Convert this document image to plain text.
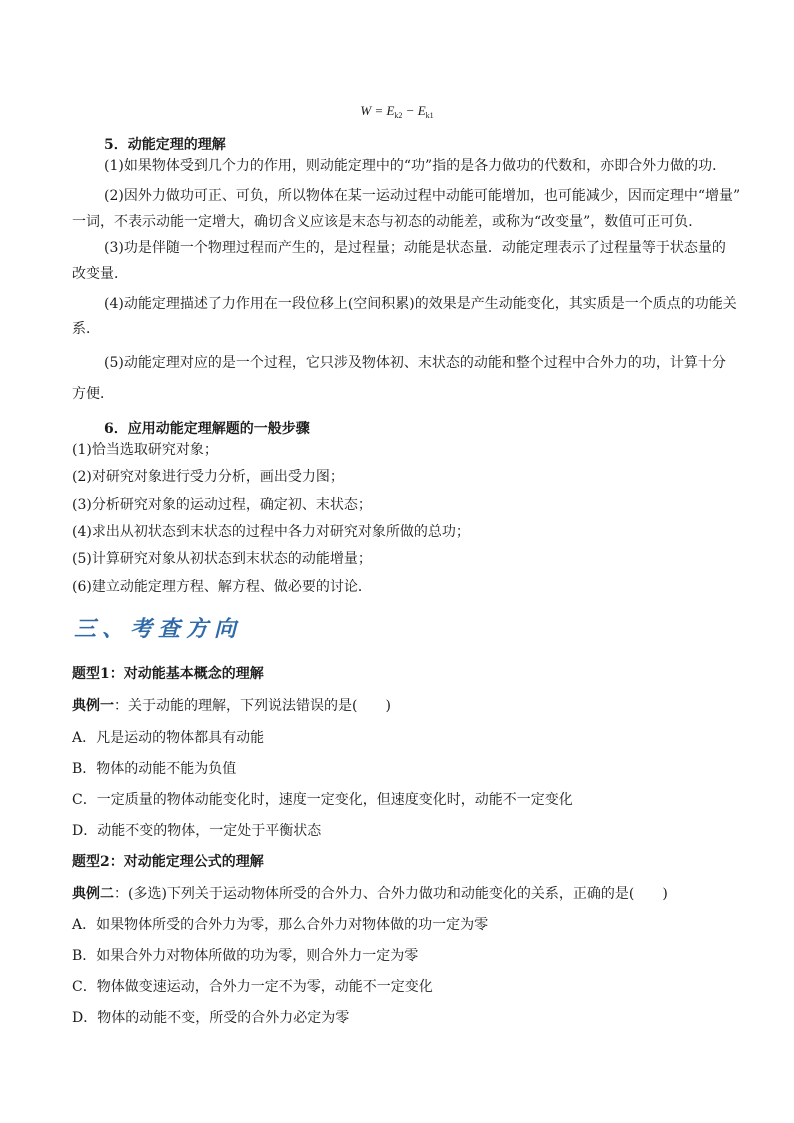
$W = E_{k2} - E_{k1}$
5．动能定理的理解
(1)如果物体受到几个力的作用，则动能定理中的“功”指的是各力做功的代数和，亦即合外力做的功．
(2)因外力做功可正、可负，所以物体在某一运动过程中动能可能增加，也可能减少，因而定理中“增量”
一词，不表示动能一定增大，确切含义应该是末态与初态的动能差，或称为“改变量”，数值可正可负．
(3)功是伴随一个物理过程而产生的，是过程量；动能是状态量．动能定理表示了过程量等于状态量的
改变量．
(4)动能定理描述了力作用在一段位移上(空间积累)的效果是产生动能变化，其实质是一个质点的功能关
系．
(5)动能定理对应的是一个过程，它只涉及物体初、末状态的动能和整个过程中合外力的功，计算十分
方便．
6．应用动能定理解题的一般步骤
(1)恰当选取研究对象；
(2)对研究对象进行受力分析，画出受力图；
(3)分析研究对象的运动过程，确定初、末状态；
(4)求出从初状态到末状态的过程中各力对研究对象所做的总功；
(5)计算研究对象从初状态到末状态的动能增量；
(6)建立动能定理方程、解方程、做必要的讨论．
三、考查方向
题型1：对动能基本概念的理解
典例一：关于动能的理解，下列说法错误的是(　　)
A．凡是运动的物体都具有动能
B．物体的动能不能为负值
C．一定质量的物体动能变化时，速度一定变化，但速度变化时，动能不一定变化
D．动能不变的物体，一定处于平衡状态
题型2：对动能定理公式的理解
典例二：(多选)下列关于运动物体所受的合外力、合外力做功和动能变化的关系，正确的是(　　)
A．如果物体所受的合外力为零，那么合外力对物体做的功一定为零
B．如果合外力对物体所做的功为零，则合外力一定为零
C．物体做变速运动，合外力一定不为零，动能不一定变化
D．物体的动能不变，所受的合外力必定为零
